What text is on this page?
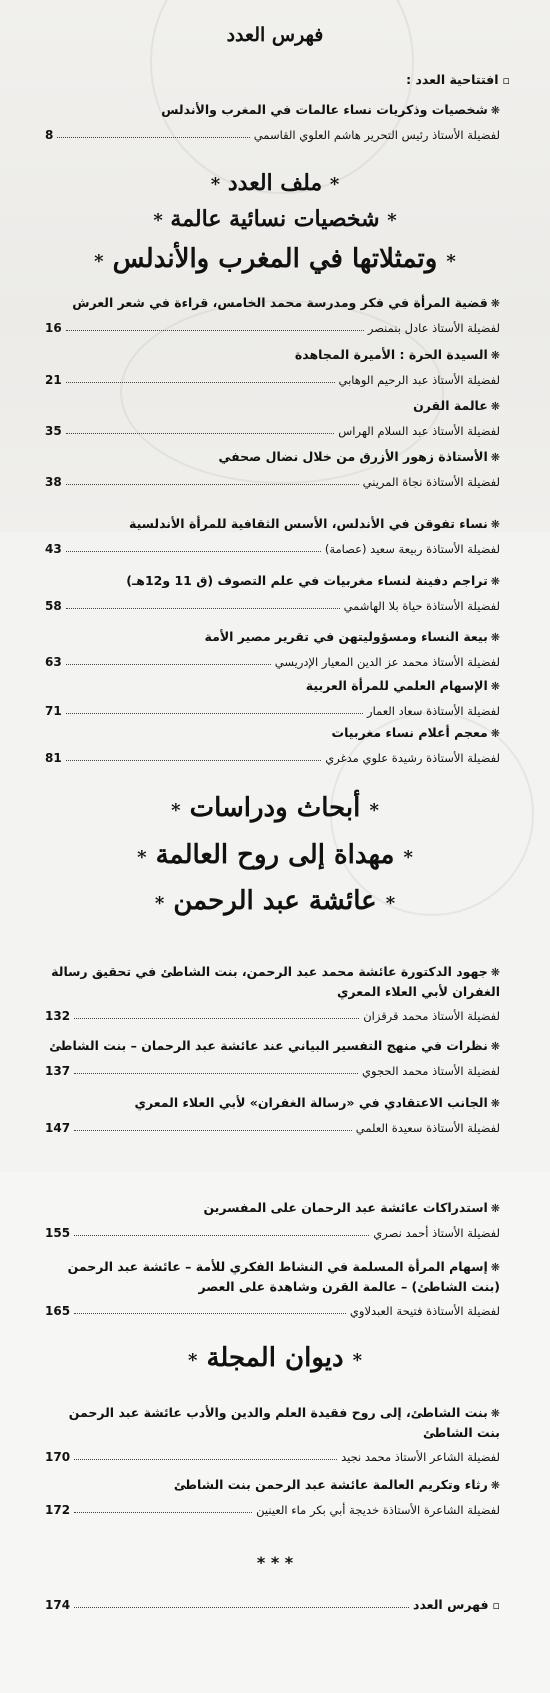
فهرس العدد
▫افتتاحية العدد :
❋شخصيات وذكريات نساء عالمات في المغرب والأندلس
لفضيلة الأستاذ رئيس التحرير هاشم العلوي القاسمي
8
* ملف العدد *
* شخصيات نسائية عالمة *
* وتمثلاتها في المغرب والأندلس *
❋قضية المرأة في فكر ومدرسة محمد الخامس، قراءة في شعر العرش
لفضيلة الأستاذ عادل بنمنصر
16
❋السيدة الحرة : الأميرة المجاهدة
لفضيلة الأستاذ عبد الرحيم الوهابي
21
❋عالمة القرن
لفضيلة الأستاذ عبد السلام الهراس
35
❋الأستاذة زهور الأزرق من خلال نضال صحفي
لفضيلة الأستاذة نجاة المريني
38
❋نساء تفوقن في الأندلس، الأسس الثقافية للمرأة الأندلسية
لفضيلة الأستاذة ربيعة سعيد (عصامة)
43
❋تراجم دفينة لنساء مغربيات في علم التصوف (ق 11 و12هـ)
لفضيلة الأستاذة حياة بلا الهاشمي
58
❋بيعة النساء ومسؤوليتهن في تقرير مصير الأمة
لفضيلة الأستاذ محمد عز الدين المعيار الإدريسي
63
❋الإسهام العلمي للمرأة العربية
لفضيلة الأستاذة سعاد العمار
71
❋معجم أعلام نساء مغربيات
لفضيلة الأستاذة رشيدة علوي مدغري
81
* أبحاث ودراسات *
* مهداة إلى روح العالمة *
* عائشة عبد الرحمن *
❋جهود الدكتورة عائشة محمد عبد الرحمن، بنت الشاطئ في تحقيق رسالة الغفران لأبي العلاء المعري
لفضيلة الأستاذ محمد قرقزان
132
❋نظرات في منهج التفسير البياني عند عائشة عبد الرحمان – بنت الشاطئ
لفضيلة الأستاذ محمد الحجوي
137
❋الجانب الاعتقادي في «رسالة الغفران» لأبي العلاء المعري
لفضيلة الأستاذة سعيدة العلمي
147
❋استدراكات عائشة عبد الرحمان على المفسرين
لفضيلة الأستاذ أحمد نصري
155
❋إسهام المرأة المسلمة في النشاط الفكري للأمة – عائشة عبد الرحمن (بنت الشاطئ) – عالمة القرن وشاهدة على العصر
لفضيلة الأستاذة فتيحة العبدلاوي
165
* ديوان المجلة *
❋بنت الشاطئ، إلى روح فقيدة العلم والدين والأدب عائشة عبد الرحمن بنت الشاطئ
لفضيلة الشاعر الأستاذ محمد نجيد
170
❋رثاء وتكريم العالمة عائشة عبد الرحمن بنت الشاطئ
لفضيلة الشاعرة الأستاذة خديجة أبي بكر ماء العينين
172
* * *
▫فهرس العدد
174
